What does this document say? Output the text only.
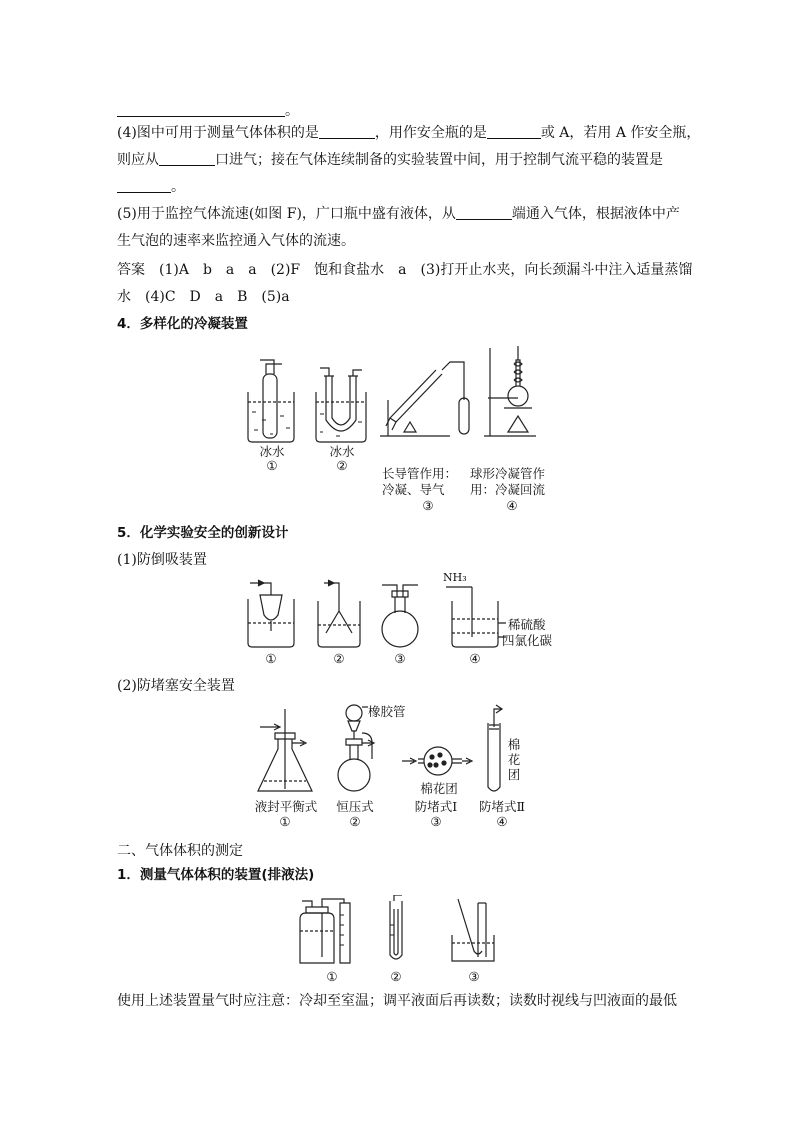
。
(4)图中可用于测量气体体积的是	，用作安全瓶的是	或 A，若用 A 作安全瓶，
则应从	口进气；接在气体连续制备的实验装置中间，用于控制气流平稳的装置是
。
(5)用于监控气体流速(如图 F)，广口瓶中盛有液体，从	端通入气体，根据液体中产
生气泡的速率来监控通入气体的流速。
答案　(1)A　b　a　a　(2)F　饱和食盐水　a　(3)打开止水夹，向长颈漏斗中注入适量蒸馏
水　(4)C　D　a　B　(5)a
4．多样化的冷凝装置
冰水	冰水
①	②
长导管作用：
冷凝、导气
球形冷凝管作
用：冷凝回流
③	④
5．化学实验安全的创新设计
(1)防倒吸装置
NH₃
稀硫酸
四氯化碳
①	②	③	④
(2)防堵塞安全装置
橡胶管
棉花团
棉
花
团
液封平衡式	恒压式	防堵式Ⅰ	防堵式Ⅱ
①	②	③	④
二、气体体积的测定
1．测量气体体积的装置(排液法)
①	②	③
使用上述装置量气时应注意：冷却至室温；调平液面后再读数；读数时视线与凹液面的最低
